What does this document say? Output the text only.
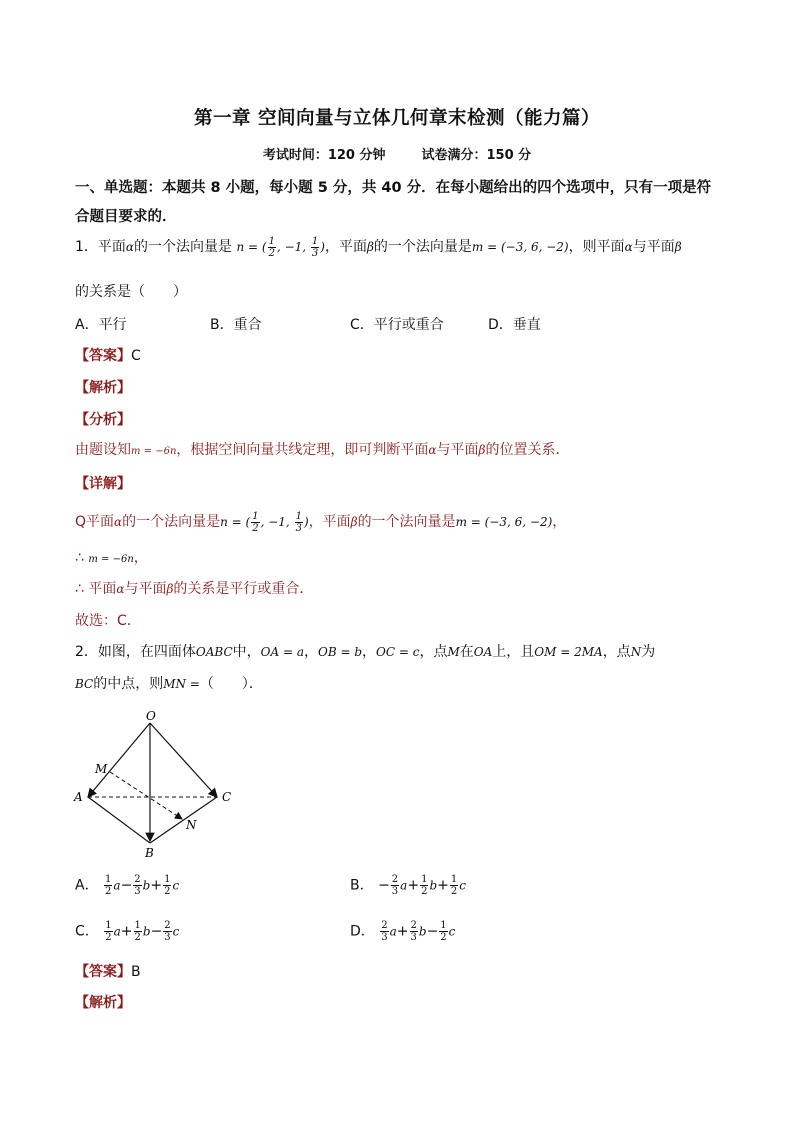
第一章 空间向量与立体几何章末检测（能力篇）
考试时间：120 分钟	试卷满分：150 分
一、单选题：本题共 8 小题，每小题 5 分，共 40 分．在每小题给出的四个选项中，只有一项是符合题目要求的．
1．平面α的一个法向量是 n = ( $\frac{1}{2}$ , −1, $\frac{1}{3}$ )，平面β的一个法向量是m = (−3, 6, −2)，则平面α与平面β
的关系是（　　）
A．平行	B．重合	C．平行或重合	D．垂直
【答案】C
【解析】
【分析】
由题设知m = −6n，根据空间向量共线定理，即可判断平面α与平面β的位置关系．
【详解】
Q平面α的一个法向量是n = ( $\frac{1}{2}$ , −1, $\frac{1}{3}$ )，平面β的一个法向量是m = (−3, 6, −2)，
∴ m = −6n，
∴ 平面α与平面β的关系是平行或重合．
故选：C．
2．如图，在四面体OABC中，OA = a，OB = b，OC = c，点M在OA上，且OM = 2MA，点N为
BC的中点，则MN =（　　）．
O
M
A	C
N
B
A． $\frac{1}{2} a- \frac{2}{3} b+ \frac{1}{2}$ c	B． − $\frac{2}{3} a+ \frac{1}{2} b+ \frac{1}{2}$ c
C． $\frac{1}{2} a+ \frac{1}{2} b- \frac{2}{3}$ c	D． $\frac{2}{3} a+ \frac{2}{3} b- \frac{1}{2}$ c
【答案】B
【解析】
